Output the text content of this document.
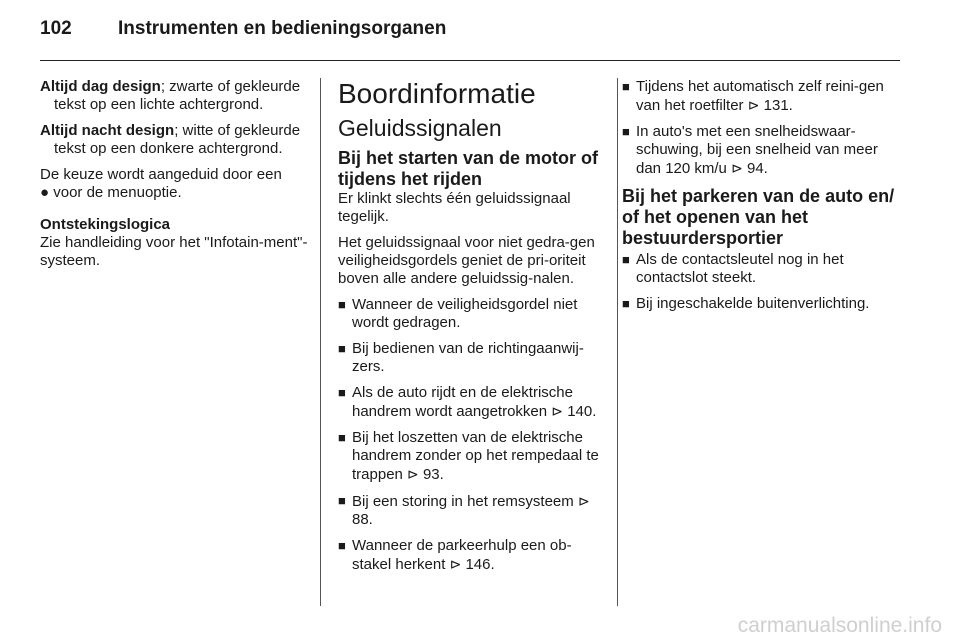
102 Instrumenten en bedieningsorganen

Altijd dag design; zwarte of gekleurde tekst op een lichte achtergrond.

Altijd nacht design; witte of gekleurde tekst op een donkere achtergrond.

De keuze wordt aangeduid door een
● voor de menuoptie.

Ontstekingslogica

Zie handleiding voor het "Infotain-ment"-systeem.

Boordinformatie
Geluidssignalen
Bij het starten van de motor of tijdens het rijden

Er klinkt slechts één geluidssignaal tegelijk.

Het geluidssignaal voor niet gedra-gen veiligheidsgordels geniet de pri-oriteit boven alle andere geluidssig-nalen.

■ Wanneer de veiligheidsgordel niet wordt gedragen.
■ Bij bedienen van de richtingaanwij-zers.
■ Als de auto rijdt en de elektrische handrem wordt aangetrokken ⊳ 140.
■ Bij het loszetten van de elektrische handrem zonder op het rempedaal te trappen ⊳ 93.
■ Bij een storing in het remsysteem ⊳ 88.
■ Wanneer de parkeerhulp een ob-stakel herkent ⊳ 146.
■ Tijdens het automatisch zelf reini-gen van het roetfilter ⊳ 131.
■ In auto's met een snelheidswaar-schuwing, bij een snelheid van meer dan 120 km/u ⊳ 94.
Bij het parkeren van de auto en/ of het openen van het bestuurdersportier
■ Als de contactsleutel nog in het contactslot steekt.
■ Bij ingeschakelde buitenverlichting.
carmanualsonline.info
